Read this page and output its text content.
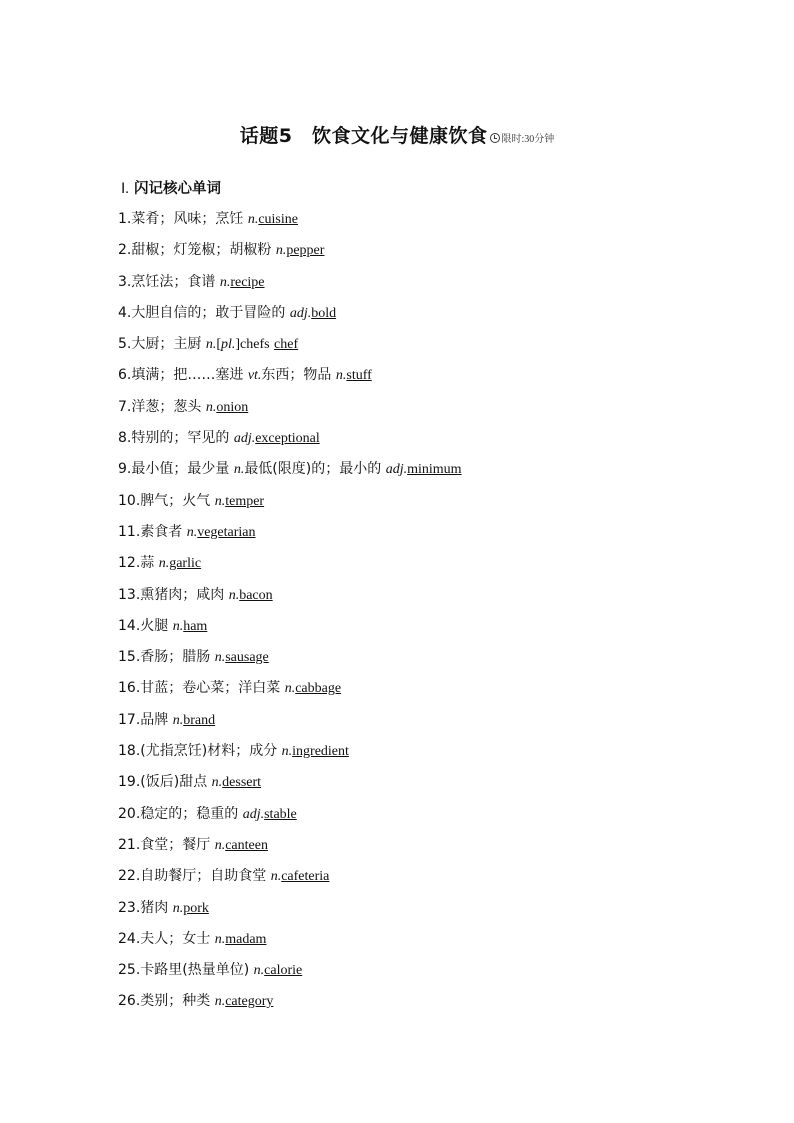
话题5　饮食文化与健康饮食 限时:30分钟
Ⅰ. 闪记核心单词
1.菜肴；风味；烹饪 n.cuisine
2.甜椒；灯笼椒；胡椒粉 n.pepper
3.烹饪法；食谱 n.recipe
4.大胆自信的；敢于冒险的 adj.bold
5.大厨；主厨 n.[pl.]chefs chef
6.填满；把……塞进 vt.东西；物品 n.stuff
7.洋葱；葱头 n.onion
8.特别的；罕见的 adj.exceptional
9.最小值；最少量 n.最低(限度)的；最小的 adj.minimum
10.脾气；火气 n.temper
11.素食者 n.vegetarian
12.蒜 n.garlic
13.熏猪肉；咸肉 n.bacon
14.火腿 n.ham
15.香肠；腊肠 n.sausage
16.甘蓝；卷心菜；洋白菜 n.cabbage
17.品牌 n.brand
18.(尤指烹饪)材料；成分 n.ingredient
19.(饭后)甜点 n.dessert
20.稳定的；稳重的 adj.stable
21.食堂；餐厅 n.canteen
22.自助餐厅；自助食堂 n.cafeteria
23.猪肉 n.pork
24.夫人；女士 n.madam
25.卡路里(热量单位) n.calorie
26.类别；种类 n.category
